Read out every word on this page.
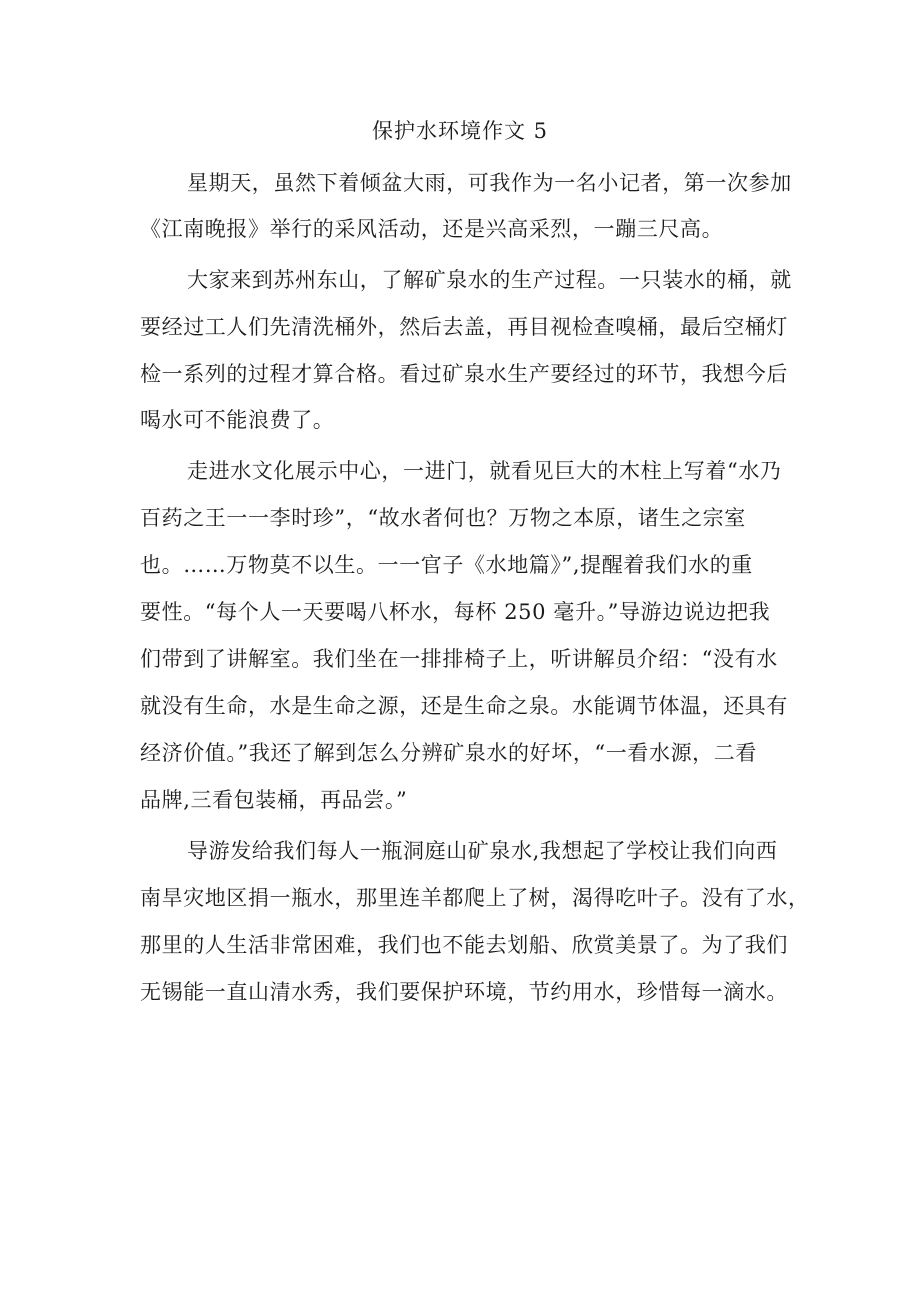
保护水环境作文 5
星期天，虽然下着倾盆大雨，可我作为一名小记者，第一次参加
《江南晚报》举行的采风活动，还是兴高采烈，一蹦三尺高。
大家来到苏州东山，了解矿泉水的生产过程。一只装水的桶，就
要经过工人们先清洗桶外，然后去盖，再目视检查嗅桶，最后空桶灯
检一系列的过程才算合格。看过矿泉水生产要经过的环节，我想今后
喝水可不能浪费了。
走进水文化展示中心，一进门，就看见巨大的木柱上写着“水乃
百药之王一一李时珍”，“故水者何也？万物之本原，诸生之宗室
也。……万物莫不以生。一一官子《水地篇》”,提醒着我们水的重
要性。“每个人一天要喝八杯水，每杯 250 毫升。”导游边说边把我
们带到了讲解室。我们坐在一排排椅子上，听讲解员介绍：“没有水
就没有生命，水是生命之源，还是生命之泉。水能调节体温，还具有
经济价值。”我还了解到怎么分辨矿泉水的好坏，“一看水源，二看
品牌,三看包装桶，再品尝。”
导游发给我们每人一瓶洞庭山矿泉水,我想起了学校让我们向西
南旱灾地区捐一瓶水，那里连羊都爬上了树，渴得吃叶子。没有了水，
那里的人生活非常困难，我们也不能去划船、欣赏美景了。为了我们
无锡能一直山清水秀，我们要保护环境，节约用水，珍惜每一滴水。
